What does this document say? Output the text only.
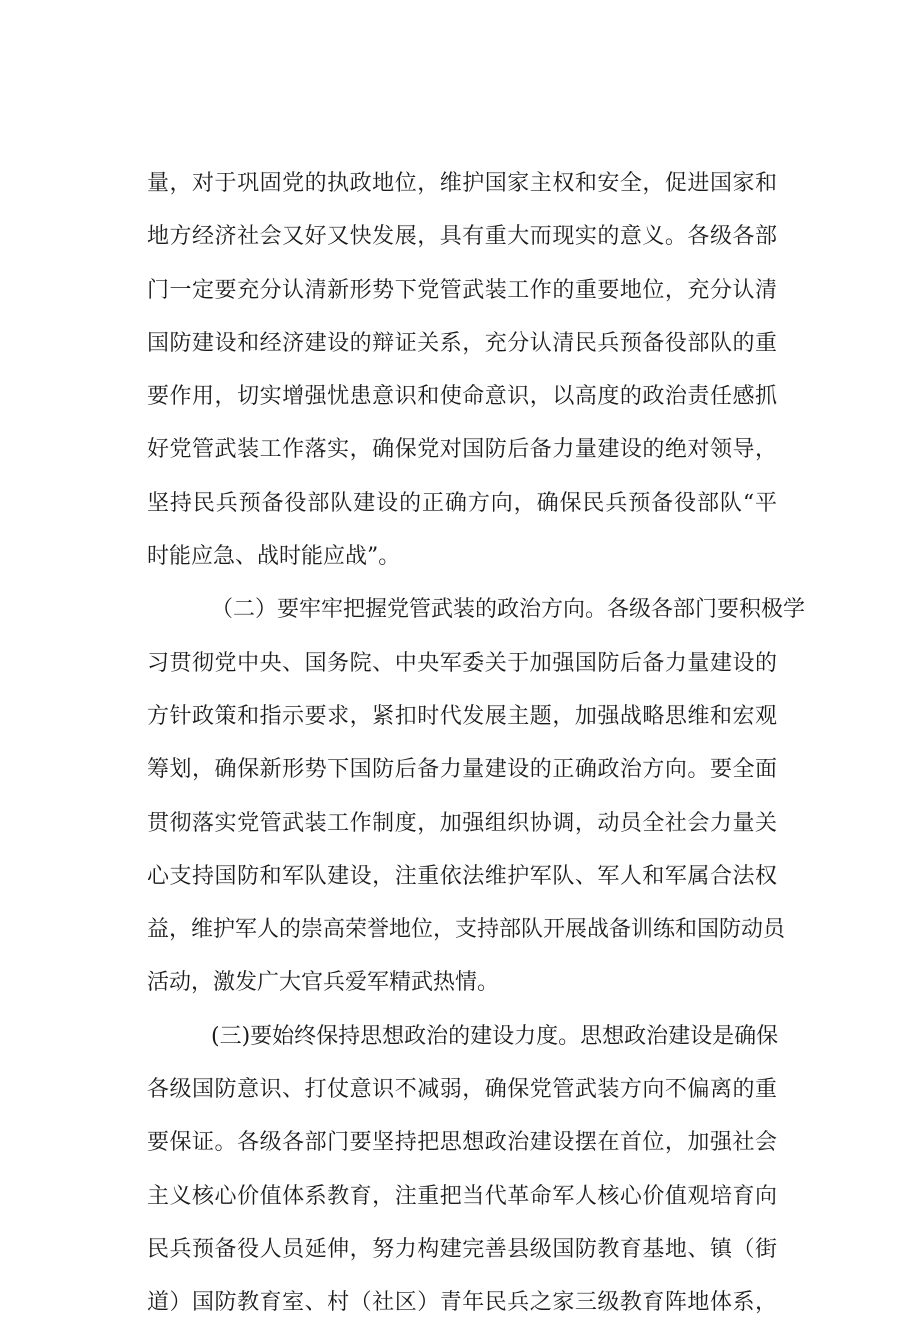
量，对于巩固党的执政地位，维护国家主权和安全，促进国家和
地方经济社会又好又快发展，具有重大而现实的意义。各级各部
门一定要充分认清新形势下党管武装工作的重要地位，充分认清
国防建设和经济建设的辩证关系，充分认清民兵预备役部队的重
要作用，切实增强忧患意识和使命意识，以高度的政治责任感抓
好党管武装工作落实，确保党对国防后备力量建设的绝对领导，
坚持民兵预备役部队建设的正确方向，确保民兵预备役部队“平
时能应急、战时能应战”。
（二）要牢牢把握党管武装的政治方向。各级各部门要积极学
习贯彻党中央、国务院、中央军委关于加强国防后备力量建设的
方针政策和指示要求，紧扣时代发展主题，加强战略思维和宏观
筹划，确保新形势下国防后备力量建设的正确政治方向。要全面
贯彻落实党管武装工作制度，加强组织协调，动员全社会力量关
心支持国防和军队建设，注重依法维护军队、军人和军属合法权
益，维护军人的崇高荣誉地位，支持部队开展战备训练和国防动员
活动，激发广大官兵爱军精武热情。
(三)要始终保持思想政治的建设力度。思想政治建设是确保
各级国防意识、打仗意识不减弱，确保党管武装方向不偏离的重
要保证。各级各部门要坚持把思想政治建设摆在首位，加强社会
主义核心价值体系教育，注重把当代革命军人核心价值观培育向
民兵预备役人员延伸，努力构建完善县级国防教育基地、镇（街
道）国防教育室、村（社区）青年民兵之家三级教育阵地体系，
